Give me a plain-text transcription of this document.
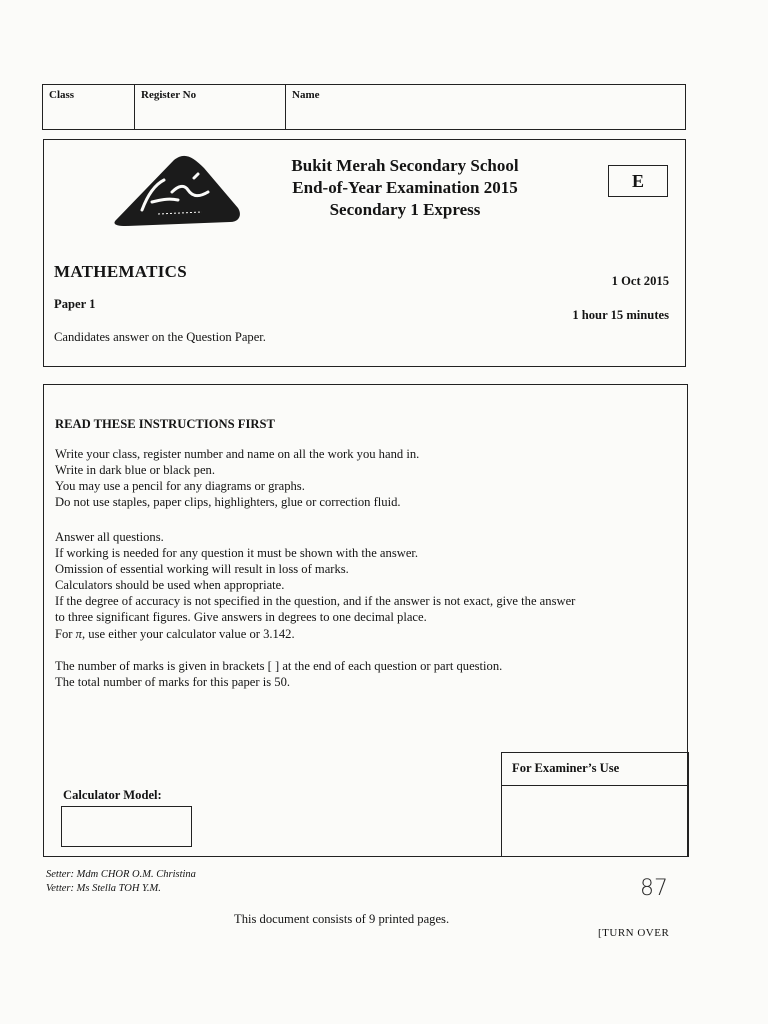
Class	Register No	Name
Bukit Merah Secondary School
End-of-Year Examination 2015
Secondary 1 Express
MATHEMATICS
Paper 1
Candidates answer on the Question Paper.
1 Oct 2015
1 hour 15 minutes
E
READ THESE INSTRUCTIONS FIRST
Write your class, register number and name on all the work you hand in.
Write in dark blue or black pen.
You may use a pencil for any diagrams or graphs.
Do not use staples, paper clips, highlighters, glue or correction fluid.
Answer all questions.
If working is needed for any question it must be shown with the answer.
Omission of essential working will result in loss of marks.
Calculators should be used when appropriate.
If the degree of accuracy is not specified in the question, and if the answer is not exact, give the answer
to three significant figures. Give answers in degrees to one decimal place.
For π, use either your calculator value or 3.142.
The number of marks is given in brackets [ ] at the end of each question or part question.
The total number of marks for this paper is 50.
For Examiner’s Use
Calculator Model:
Setter: Mdm CHOR O.M. Christina
Vetter: Ms Stella TOH Y.M.	87
This document consists of 9 printed pages.
[TURN OVER
